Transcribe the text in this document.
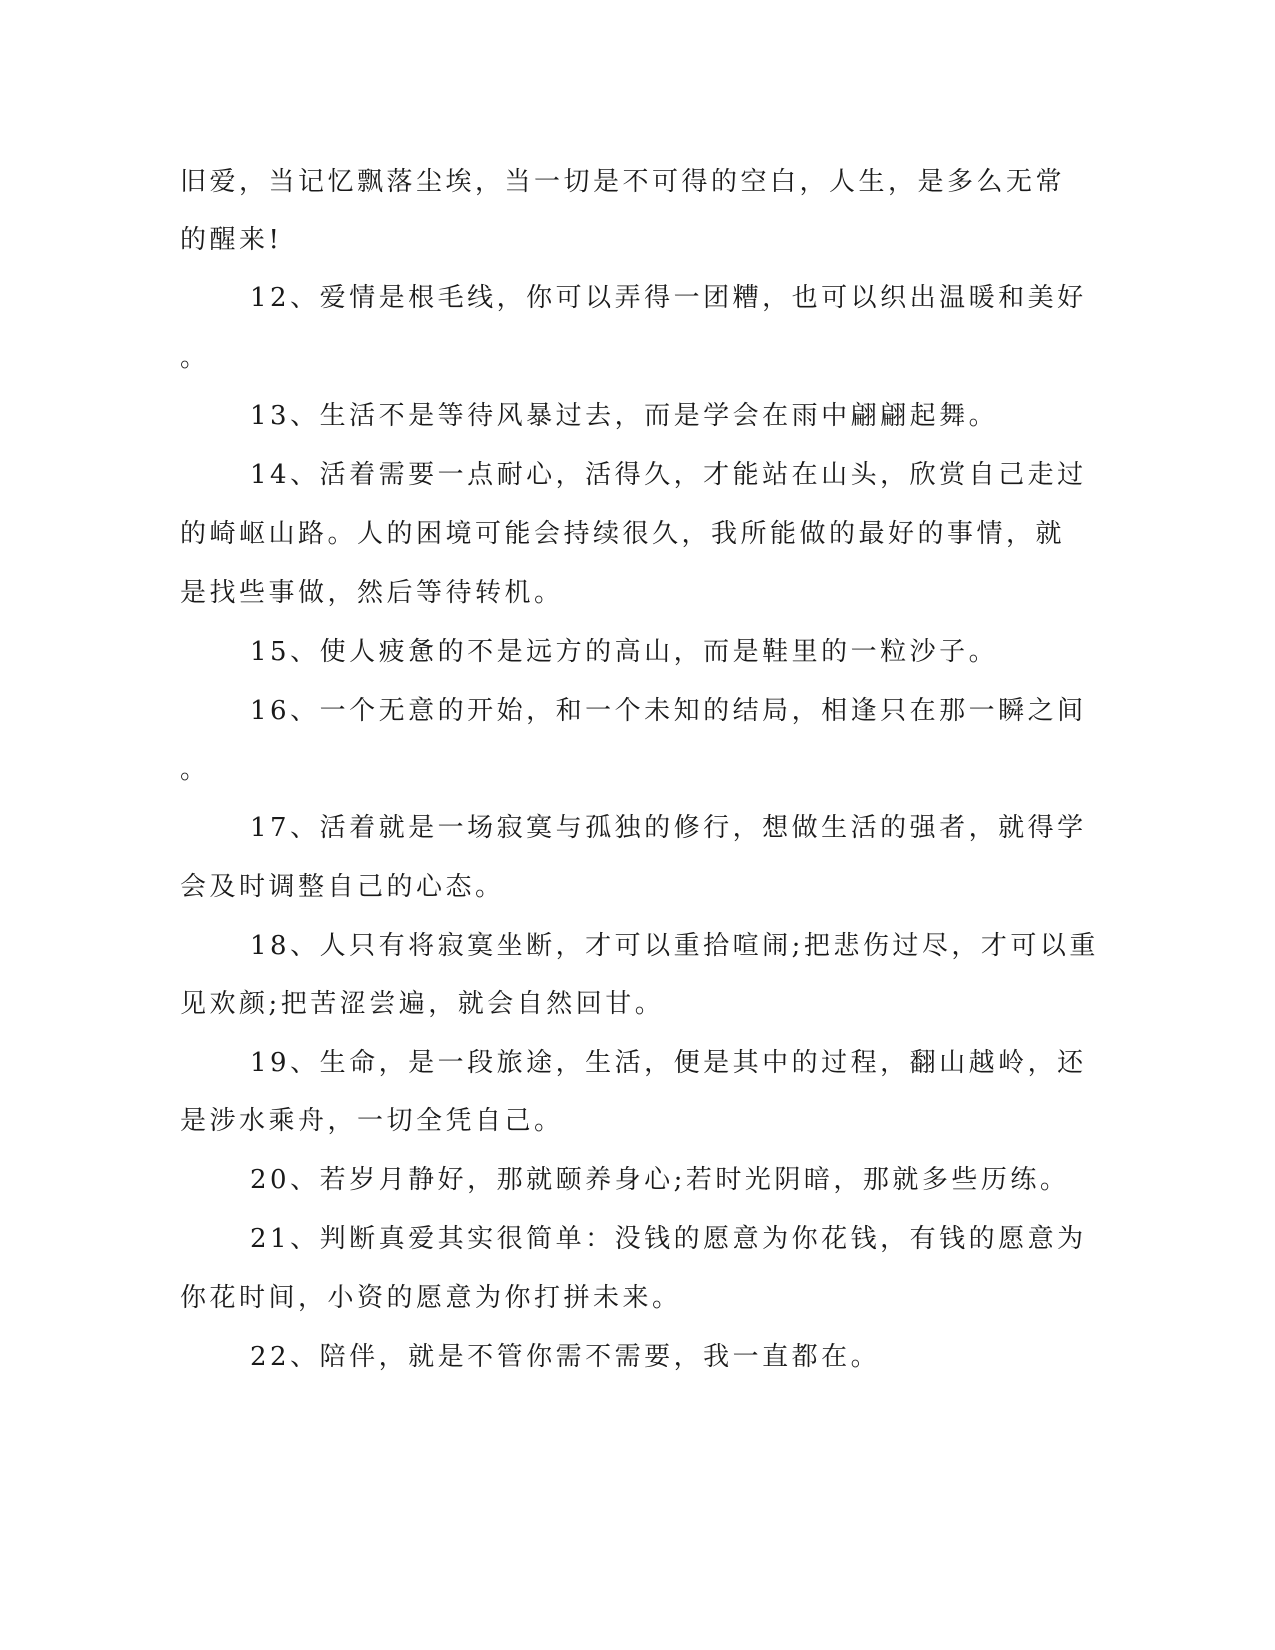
旧爱，当记忆飘落尘埃，当一切是不可得的空白，人生，是多么无常
的醒来!
12、爱情是根毛线，你可以弄得一团糟，也可以织出温暖和美好
。
13、生活不是等待风暴过去，而是学会在雨中翩翩起舞。
14、活着需要一点耐心，活得久，才能站在山头，欣赏自己走过
的崎岖山路。人的困境可能会持续很久，我所能做的最好的事情，就
是找些事做，然后等待转机。
15、使人疲惫的不是远方的高山，而是鞋里的一粒沙子。
16、一个无意的开始，和一个未知的结局，相逢只在那一瞬之间
。
17、活着就是一场寂寞与孤独的修行，想做生活的强者，就得学
会及时调整自己的心态。
18、人只有将寂寞坐断，才可以重拾喧闹;把悲伤过尽，才可以重
见欢颜;把苦涩尝遍，就会自然回甘。
19、生命，是一段旅途，生活，便是其中的过程，翻山越岭，还
是涉水乘舟，一切全凭自己。
20、若岁月静好，那就颐养身心;若时光阴暗，那就多些历练。
21、判断真爱其实很简单：没钱的愿意为你花钱，有钱的愿意为
你花时间，小资的愿意为你打拼未来。
22、陪伴，就是不管你需不需要，我一直都在。
